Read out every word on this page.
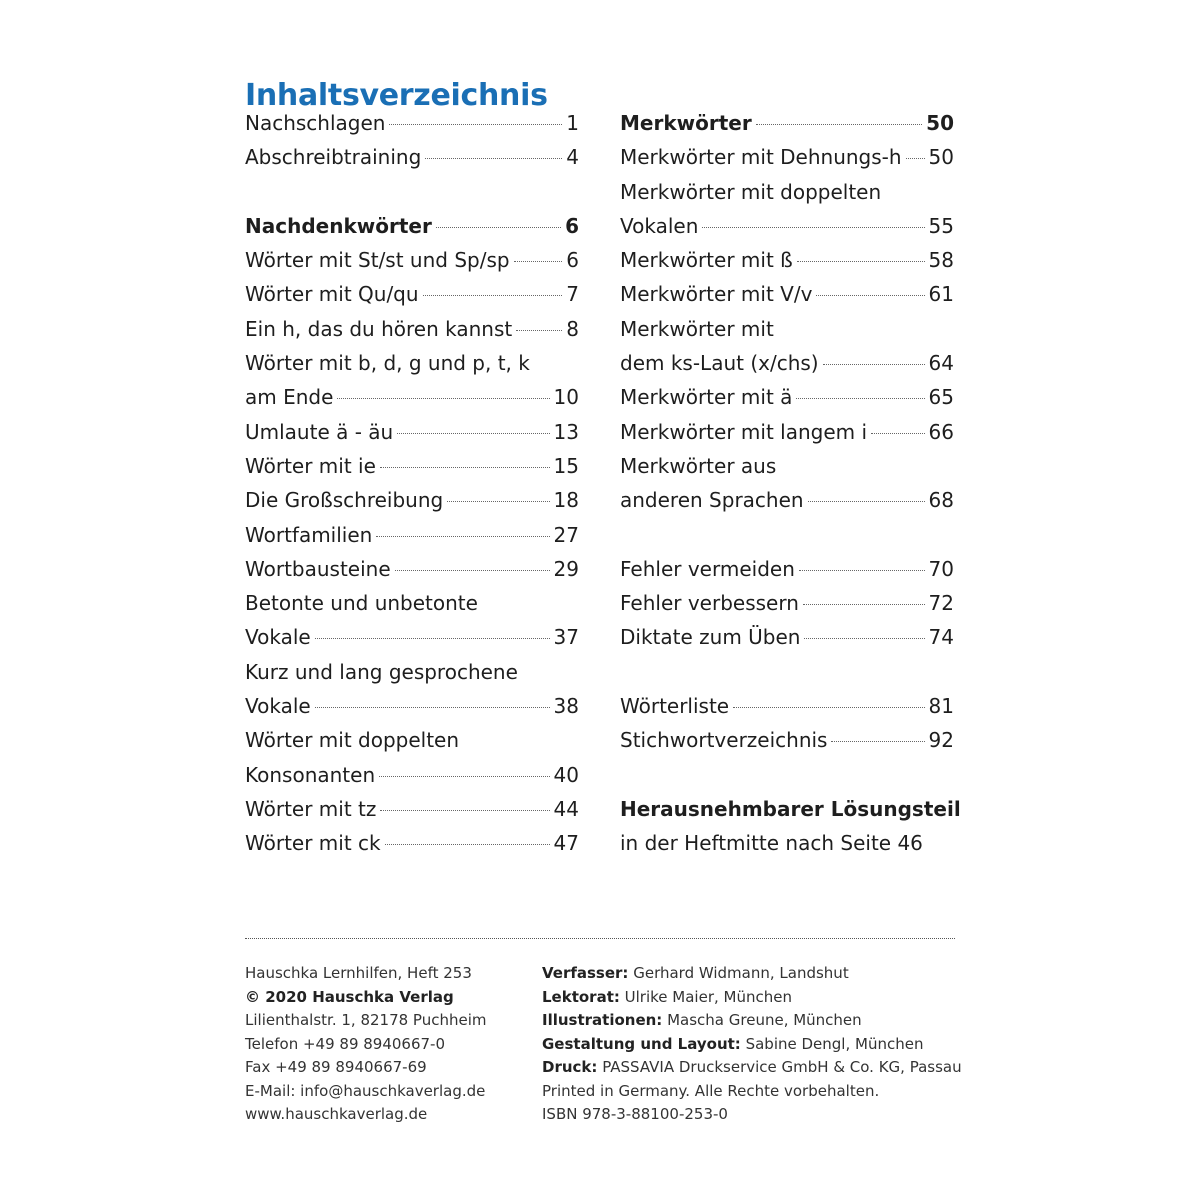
Inhaltsverzeichnis
Nachschlagen	1
Abschreibtraining	4
Nachdenkwörter	6
Wörter mit St/st und Sp/sp	6
Wörter mit Qu/qu	7
Ein h, das du hören kannst	8
Wörter mit b, d, g und p, t, k
am Ende	10
Umlaute ä - äu	13
Wörter mit ie	15
Die Großschreibung	18
Wortfamilien	27
Wortbausteine	29
Betonte und unbetonte
Vokale	37
Kurz und lang gesprochene
Vokale	38
Wörter mit doppelten
Konsonanten	40
Wörter mit tz	44
Wörter mit ck	47
Merkwörter	50
Merkwörter mit Dehnungs-h 50
Merkwörter mit doppelten
Vokalen	55
Merkwörter mit ß	58
Merkwörter mit V/v	61
Merkwörter mit
dem ks-Laut (x/chs)	64
Merkwörter mit ä	65
Merkwörter mit langem i	66
Merkwörter aus
anderen Sprachen	68
Fehler vermeiden	70
Fehler verbessern	72
Diktate zum Üben	74
Wörterliste	81
Stichwortverzeichnis	92
Herausnehmbarer Lösungsteil
in der Heftmitte nach Seite 46
Hauschka Lernhilfen, Heft 253
© 2020 Hauschka Verlag
Lilienthalstr. 1, 82178 Puchheim
Telefon +49 89 8940667-0
Fax +49 89 8940667-69
E-Mail: info@hauschkaverlag.de
www.hauschkaverlag.de
Verfasser: Gerhard Widmann, Landshut
Lektorat: Ulrike Maier, München
Illustrationen: Mascha Greune, München
Gestaltung und Layout: Sabine Dengl, München
Druck: PASSAVIA Druckservice GmbH & Co. KG, Passau
Printed in Germany. Alle Rechte vorbehalten.
ISBN 978-3-88100-253-0
